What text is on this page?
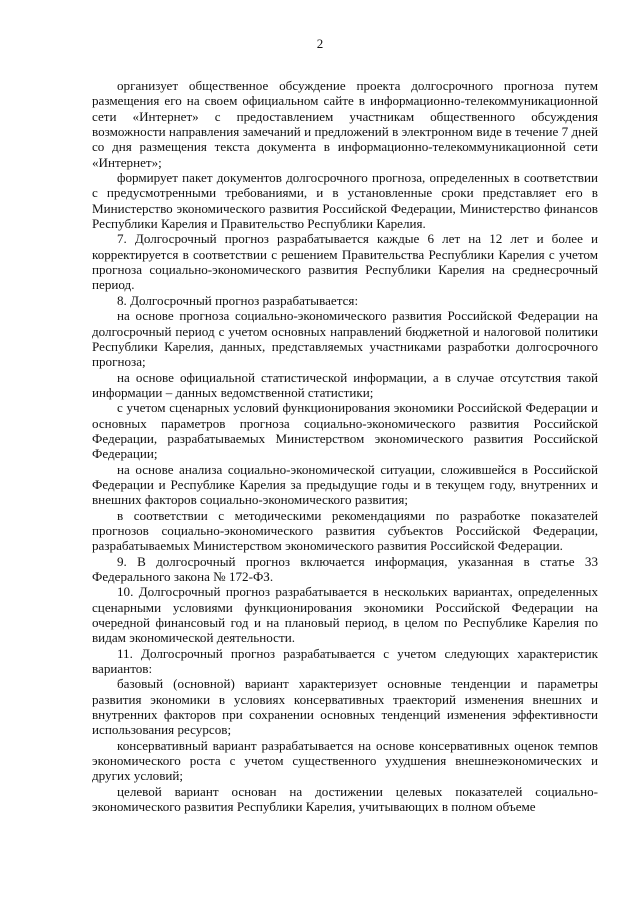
2

организует общественное обсуждение проекта долгосрочного прогноза путем размещения его на своем официальном сайте в информационно-телекоммуникационной сети «Интернет» с предоставлением участникам общественного обсуждения возможности направления замечаний и предложений в электронном виде в течение 7 дней со дня размещения текста документа в информационно-телекоммуникационной сети «Интернет»;

формирует пакет документов долгосрочного прогноза, определенных в соответствии с предусмотренными требованиями, и в установленные сроки представляет его в Министерство экономического развития Российской Федерации, Министерство финансов Республики Карелия и Правительство Республики Карелия.

7. Долгосрочный прогноз разрабатывается каждые 6 лет на 12 лет и более и корректируется в соответствии с решением Правительства Республики Карелия с учетом прогноза социально-экономического развития Республики Карелия на среднесрочный период.

8. Долгосрочный прогноз разрабатывается:

на основе прогноза социально-экономического развития Российской Федерации на долгосрочный период с учетом основных направлений бюджетной и налоговой политики Республики Карелия, данных, представляемых участниками разработки долгосрочного прогноза;

на основе официальной статистической информации, а в случае отсутствия такой информации – данных ведомственной статистики;

с учетом сценарных условий функционирования экономики Российской Федерации и основных параметров прогноза социально-экономического развития Российской Федерации, разрабатываемых Министерством экономического развития Российской Федерации;

на основе анализа социально-экономической ситуации, сложившейся в Российской Федерации и Республике Карелия за предыдущие годы и в текущем году, внутренних и внешних факторов социально-экономического развития;

в соответствии с методическими рекомендациями по разработке показателей прогнозов социально-экономического развития субъектов Российской Федерации, разрабатываемых Министерством экономического развития Российской Федерации.

9. В долгосрочный прогноз включается информация, указанная в статье 33 Федерального закона № 172-ФЗ.

10. Долгосрочный прогноз разрабатывается в нескольких вариантах, определенных сценарными условиями функционирования экономики Российской Федерации на очередной финансовый год и на плановый период, в целом по Республике Карелия по видам экономической деятельности.

11. Долгосрочный прогноз разрабатывается с учетом следующих характеристик вариантов:

базовый (основной) вариант характеризует основные тенденции и параметры развития экономики в условиях консервативных траекторий изменения внешних и внутренних факторов при сохранении основных тенденций изменения эффективности использования ресурсов;

консервативный вариант разрабатывается на основе консервативных оценок темпов экономического роста с учетом существенного ухудшения внешнеэкономических и других условий;

целевой вариант основан на достижении целевых показателей социально-экономического развития Республики Карелия, учитывающих в полном объеме
